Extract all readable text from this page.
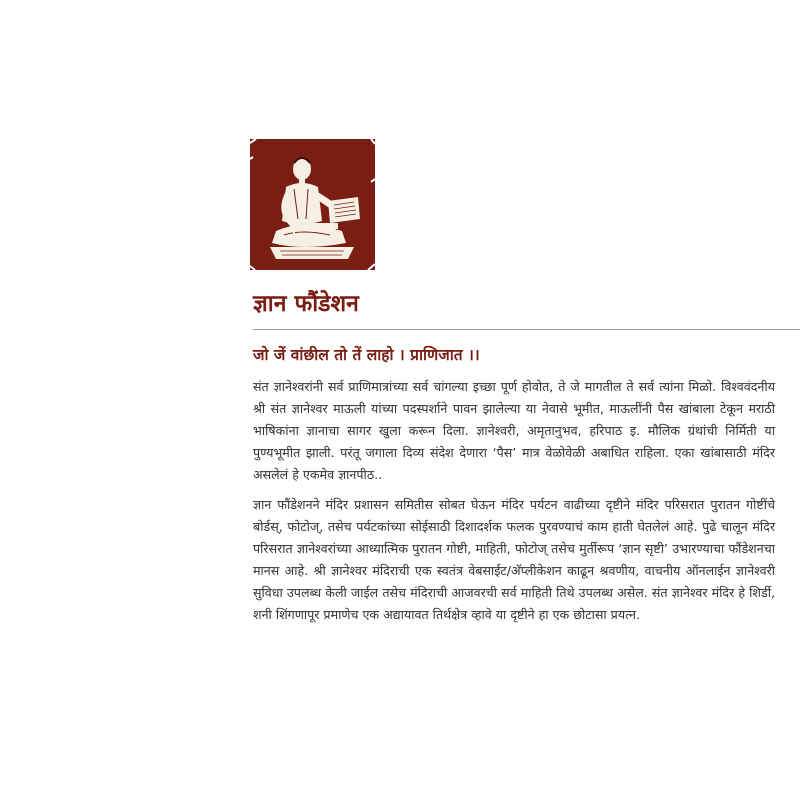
ज्ञान फौंडेशन
जो जें वांछील तो तें लाहो । प्राणिजात ।।

संत ज्ञानेश्वरांनी सर्व प्राणिमात्रांच्या सर्व चांगल्या इच्छा पूर्ण होवोत, ते जे मागतील ते सर्व त्यांना मिळो. विश्ववंदनीय श्री संत ज्ञानेश्वर माऊली यांच्या पदस्पर्शाने पावन झालेल्या या नेवासे भूमीत, माऊलींनी पैस खांबाला टेकून मराठी भाषिकांना ज्ञानाचा सागर खुला करून दिला. ज्ञानेश्वरी, अमृतानुभव, हरिपाठ इ. मौलिक ग्रंथांची निर्मिती या पुण्यभूमीत झाली. परंतू जगाला दिव्य संदेश देणारा ‘पैस’ मात्र वेळोवेळी अबाधित राहिला. एका खांबासाठी मंदिर असलेलं हे एकमेव ज्ञानपीठ..

ज्ञान फौंडेशनने मंदिर प्रशासन समितीस सोबत घेऊन मंदिर पर्यटन वाढीच्या दृष्टीने मंदिर परिसरात पुरातन गोष्टींचे बोर्डस्, फोटोज्, तसेच पर्यटकांच्या सोईसाठी दिशादर्शक फलक पुरवण्याचं काम हाती घेतलेलं आहे. पुढे चालून मंदिर परिसरात ज्ञानेश्वरांच्या आध्यात्मिक पुरातन गोष्टी, माहिती, फोटोज् तसेच मुर्तीरूप ‘ज्ञान सृष्टी’ उभारण्याचा फौंडेशनचा मानस आहे. श्री ज्ञानेश्वर मंदिराची एक स्वतंत्र वेबसाईट/अ‍ॅप्लीकेशन काढून श्रवणीय, वाचनीय ऑनलाईन ज्ञानेश्वरी सुविधा उपलब्ध केली जाईल तसेच मंदिराची आजवरची सर्व माहिती तिथे उपलब्ध असेल. संत ज्ञानेश्वर मंदिर हे शिर्डी, शनी शिंगणापूर प्रमाणेच एक अद्यायावत तिर्थक्षेत्र व्हावे या दृष्टीने हा एक छोटासा प्रयत्न.
